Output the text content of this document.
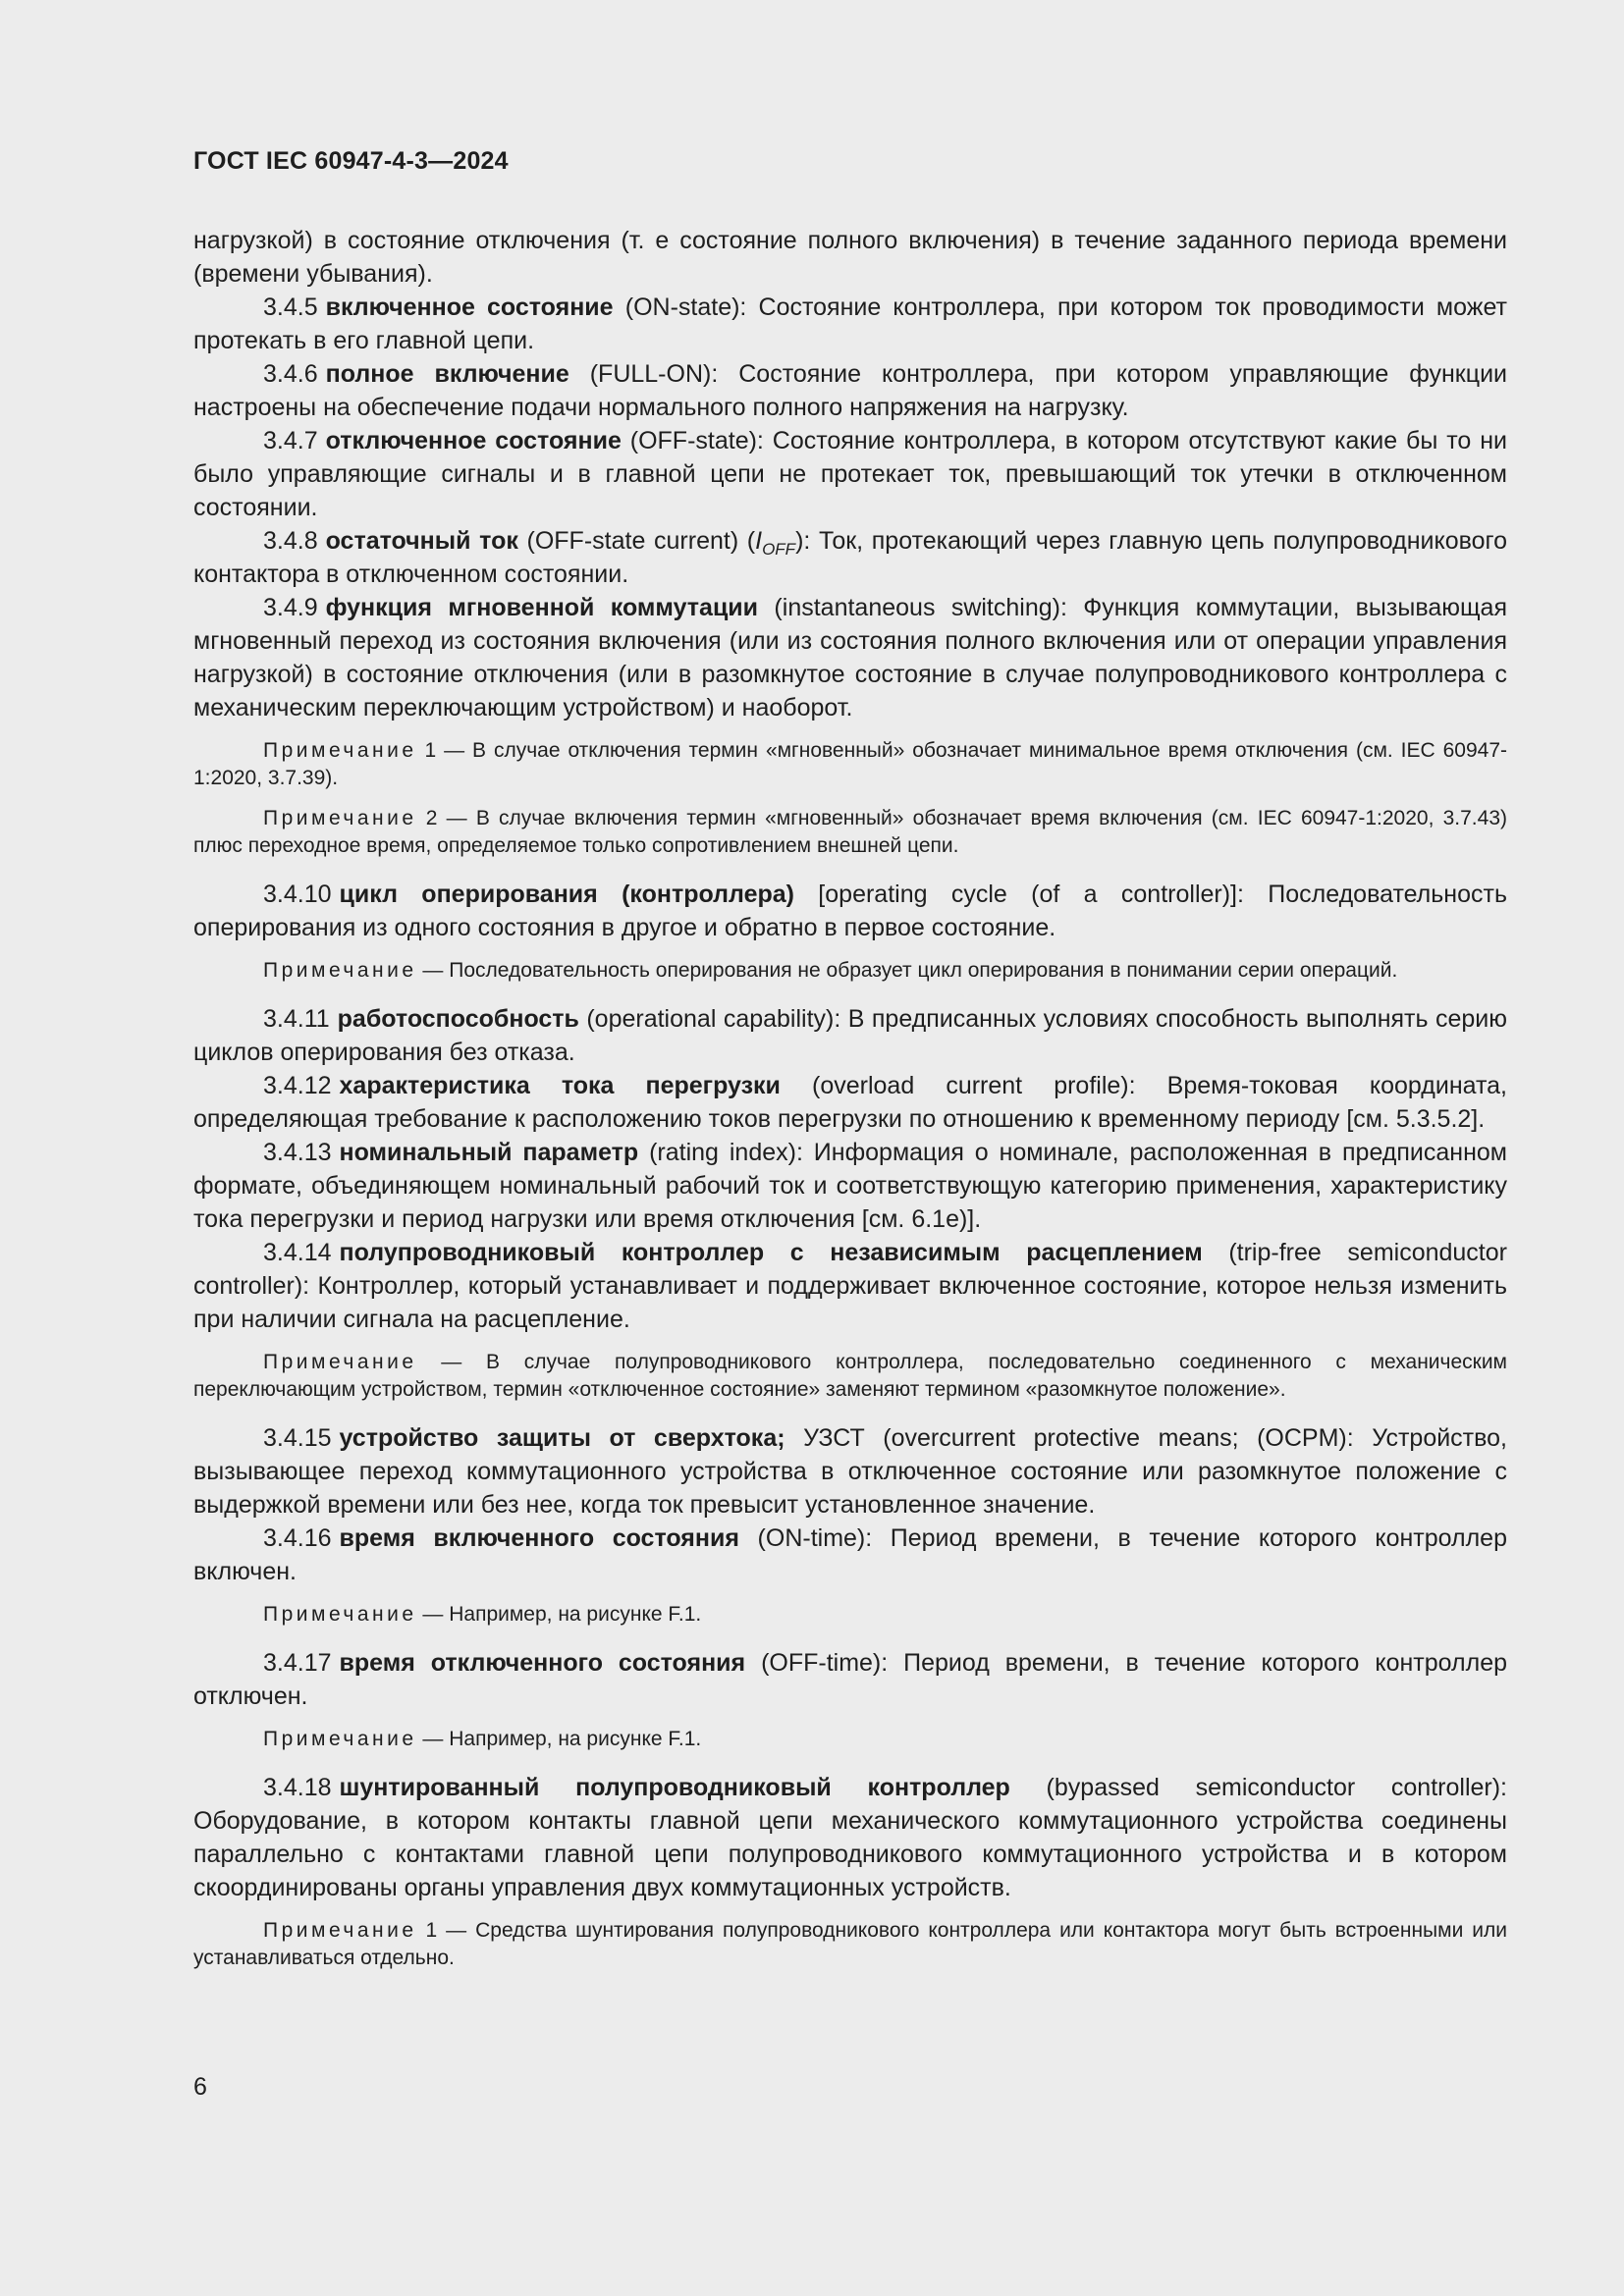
ГОСТ IEC 60947-4-3—2024

нагрузкой) в состояние отключения (т. е состояние полного включения) в течение заданного периода времени (времени убывания).

3.4.5 включенное состояние (ON-state): Состояние контроллера, при котором ток проводимости может протекать в его главной цепи.

3.4.6 полное включение (FULL-ON): Состояние контроллера, при котором управляющие функции настроены на обеспечение подачи нормального полного напряжения на нагрузку.

3.4.7 отключенное состояние (OFF-state): Состояние контроллера, в котором отсутствуют какие бы то ни было управляющие сигналы и в главной цепи не протекает ток, превышающий ток утечки в отключенном состоянии.

3.4.8 остаточный ток (OFF-state current) $(I_{OFF})$: Ток, протекающий через главную цепь полупроводникового контактора в отключенном состоянии.

3.4.9 функция мгновенной коммутации (instantaneous switching): Функция коммутации, вызывающая мгновенный переход из состояния включения (или из состояния полного включения или от операции управления нагрузкой) в состояние отключения (или в разомкнутое состояние в случае полупроводникового контроллера с механическим переключающим устройством) и наоборот.

Примечание 1 — В случае отключения термин «мгновенный» обозначает минимальное время отключения (см. IEC 60947-1:2020, 3.7.39).

Примечание 2 — В случае включения термин «мгновенный» обозначает время включения (см. IEC 60947-1:2020, 3.7.43) плюс переходное время, определяемое только сопротивлением внешней цепи.

3.4.10 цикл оперирования (контроллера) [operating cycle (of a controller)]: Последовательность оперирования из одного состояния в другое и обратно в первое состояние.

Примечание — Последовательность оперирования не образует цикл оперирования в понимании серии операций.

3.4.11 работоспособность (operational capability): В предписанных условиях способность выполнять серию циклов оперирования без отказа.

3.4.12 характеристика тока перегрузки (overload current profile): Время-токовая координата, определяющая требование к расположению токов перегрузки по отношению к временному периоду [см. 5.3.5.2].

3.4.13 номинальный параметр (rating index): Информация о номинале, расположенная в предписанном формате, объединяющем номинальный рабочий ток и соответствующую категорию применения, характеристику тока перегрузки и период нагрузки или время отключения [см. 6.1e)].

3.4.14 полупроводниковый контроллер с независимым расцеплением (trip-free semiconductor controller): Контроллер, который устанавливает и поддерживает включенное состояние, которое нельзя изменить при наличии сигнала на расцепление.

Примечание — В случае полупроводникового контроллера, последовательно соединенного с механическим переключающим устройством, термин «отключенное состояние» заменяют термином «разомкнутое положение».

3.4.15 устройство защиты от сверхтока; УЗСТ (overcurrent protective means; (OCPM): Устройство, вызывающее переход коммутационного устройства в отключенное состояние или разомкнутое положение с выдержкой времени или без нее, когда ток превысит установленное значение.

3.4.16 время включенного состояния (ON-time): Период времени, в течение которого контроллер включен.

Примечание — Например, на рисунке F.1.

3.4.17 время отключенного состояния (OFF-time): Период времени, в течение которого контроллер отключен.

Примечание — Например, на рисунке F.1.

3.4.18 шунтированный полупроводниковый контроллер (bypassed semiconductor controller): Оборудование, в котором контакты главной цепи механического коммутационного устройства соединены параллельно с контактами главной цепи полупроводникового коммутационного устройства и в котором скоординированы органы управления двух коммутационных устройств.

Примечание 1 — Средства шунтирования полупроводникового контроллера или контактора могут быть встроенными или устанавливаться отдельно.

6
